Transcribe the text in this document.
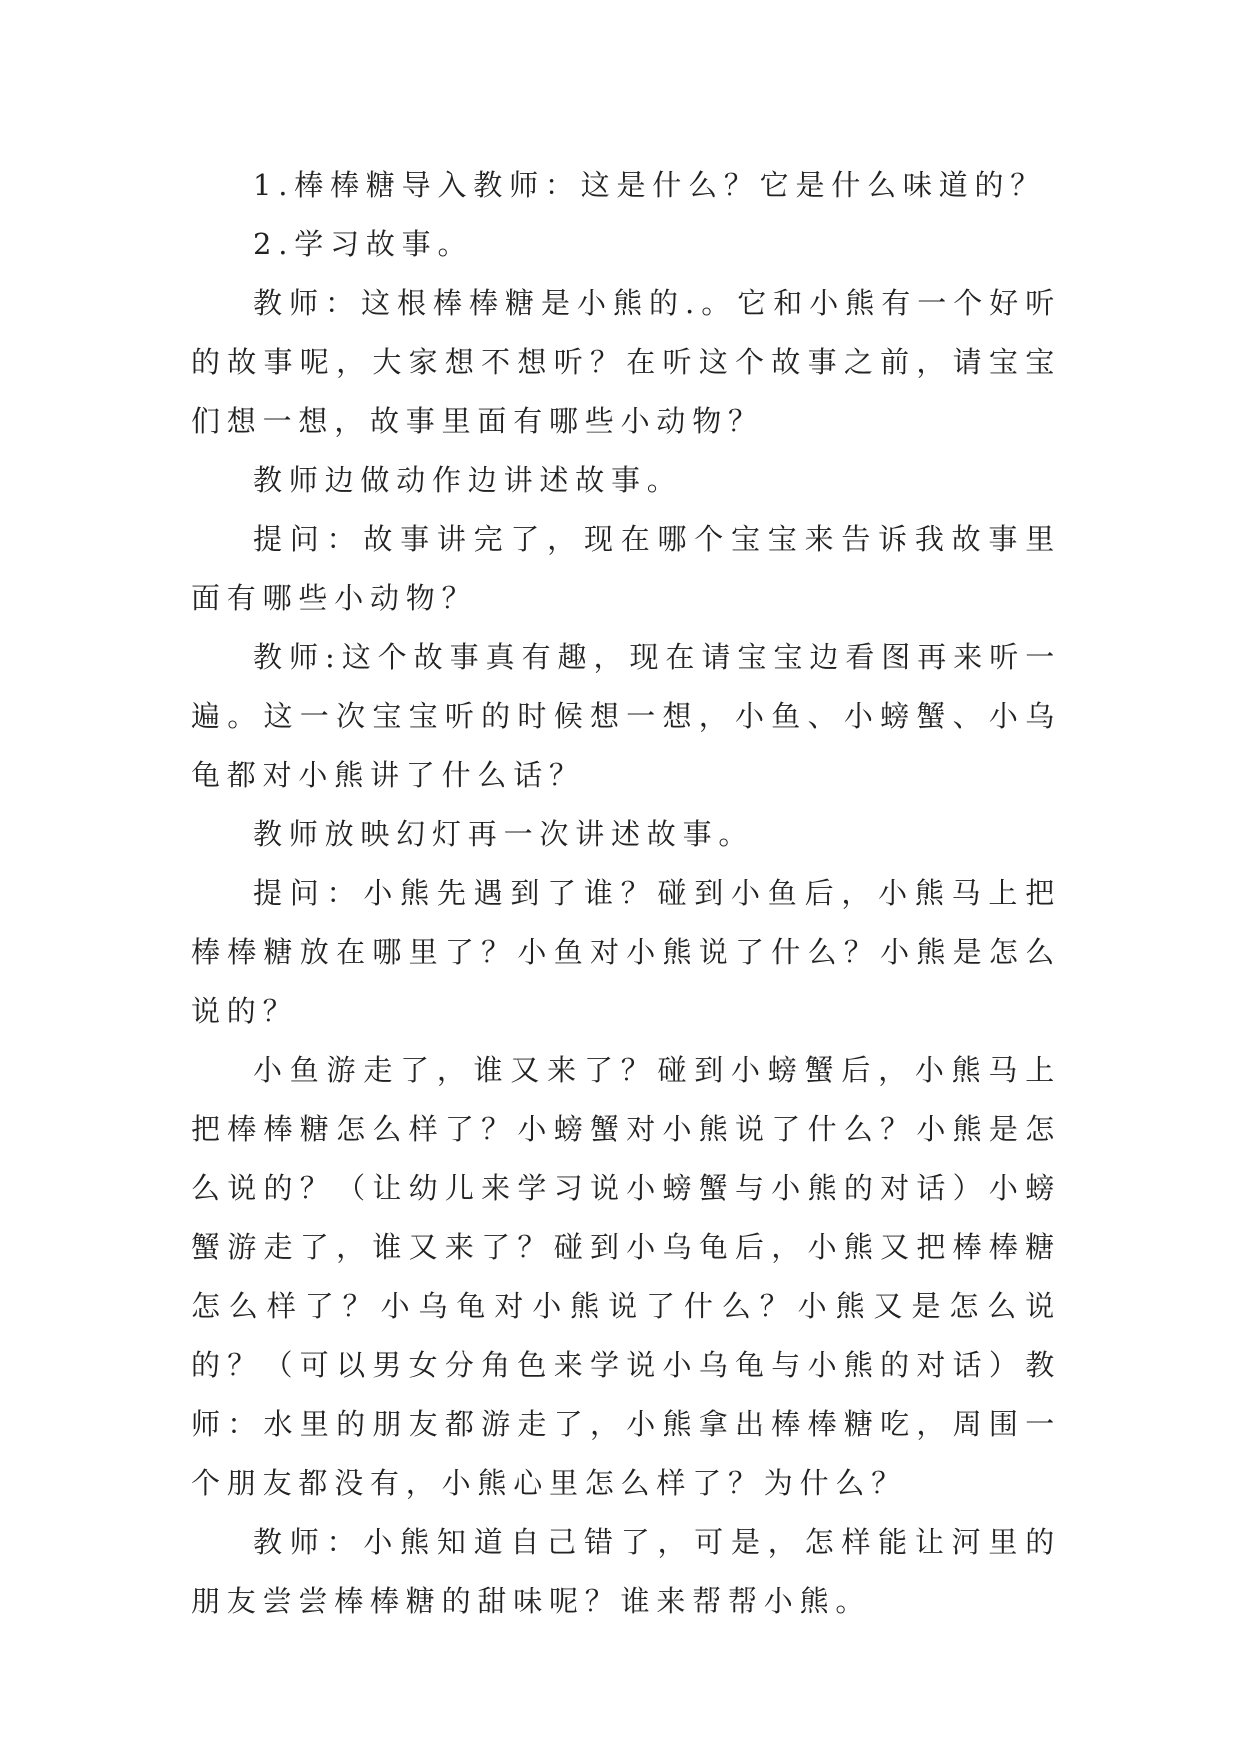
1.棒棒糖导入教师：这是什么？它是什么味道的？

2.学习故事。

教师：这根棒棒糖是小熊的.。它和小熊有一个好听的故事呢，大家想不想听？在听这个故事之前，请宝宝们想一想，故事里面有哪些小动物？

教师边做动作边讲述故事。

提问：故事讲完了，现在哪个宝宝来告诉我故事里面有哪些小动物？

教师:这个故事真有趣，现在请宝宝边看图再来听一遍。这一次宝宝听的时候想一想，小鱼、小螃蟹、小乌龟都对小熊讲了什么话？

教师放映幻灯再一次讲述故事。

提问：小熊先遇到了谁？碰到小鱼后，小熊马上把棒棒糖放在哪里了？小鱼对小熊说了什么？小熊是怎么说的？

小鱼游走了，谁又来了？碰到小螃蟹后，小熊马上把棒棒糖怎么样了？小螃蟹对小熊说了什么？小熊是怎么说的？（让幼儿来学习说小螃蟹与小熊的对话）小螃蟹游走了，谁又来了？碰到小乌龟后，小熊又把棒棒糖怎么样了？小乌龟对小熊说了什么？小熊又是怎么说的？（可以男女分角色来学说小乌龟与小熊的对话）教师：水里的朋友都游走了，小熊拿出棒棒糖吃，周围一个朋友都没有，小熊心里怎么样了？为什么？

教师：小熊知道自己错了，可是，怎样能让河里的朋友尝尝棒棒糖的甜味呢？谁来帮帮小熊。
